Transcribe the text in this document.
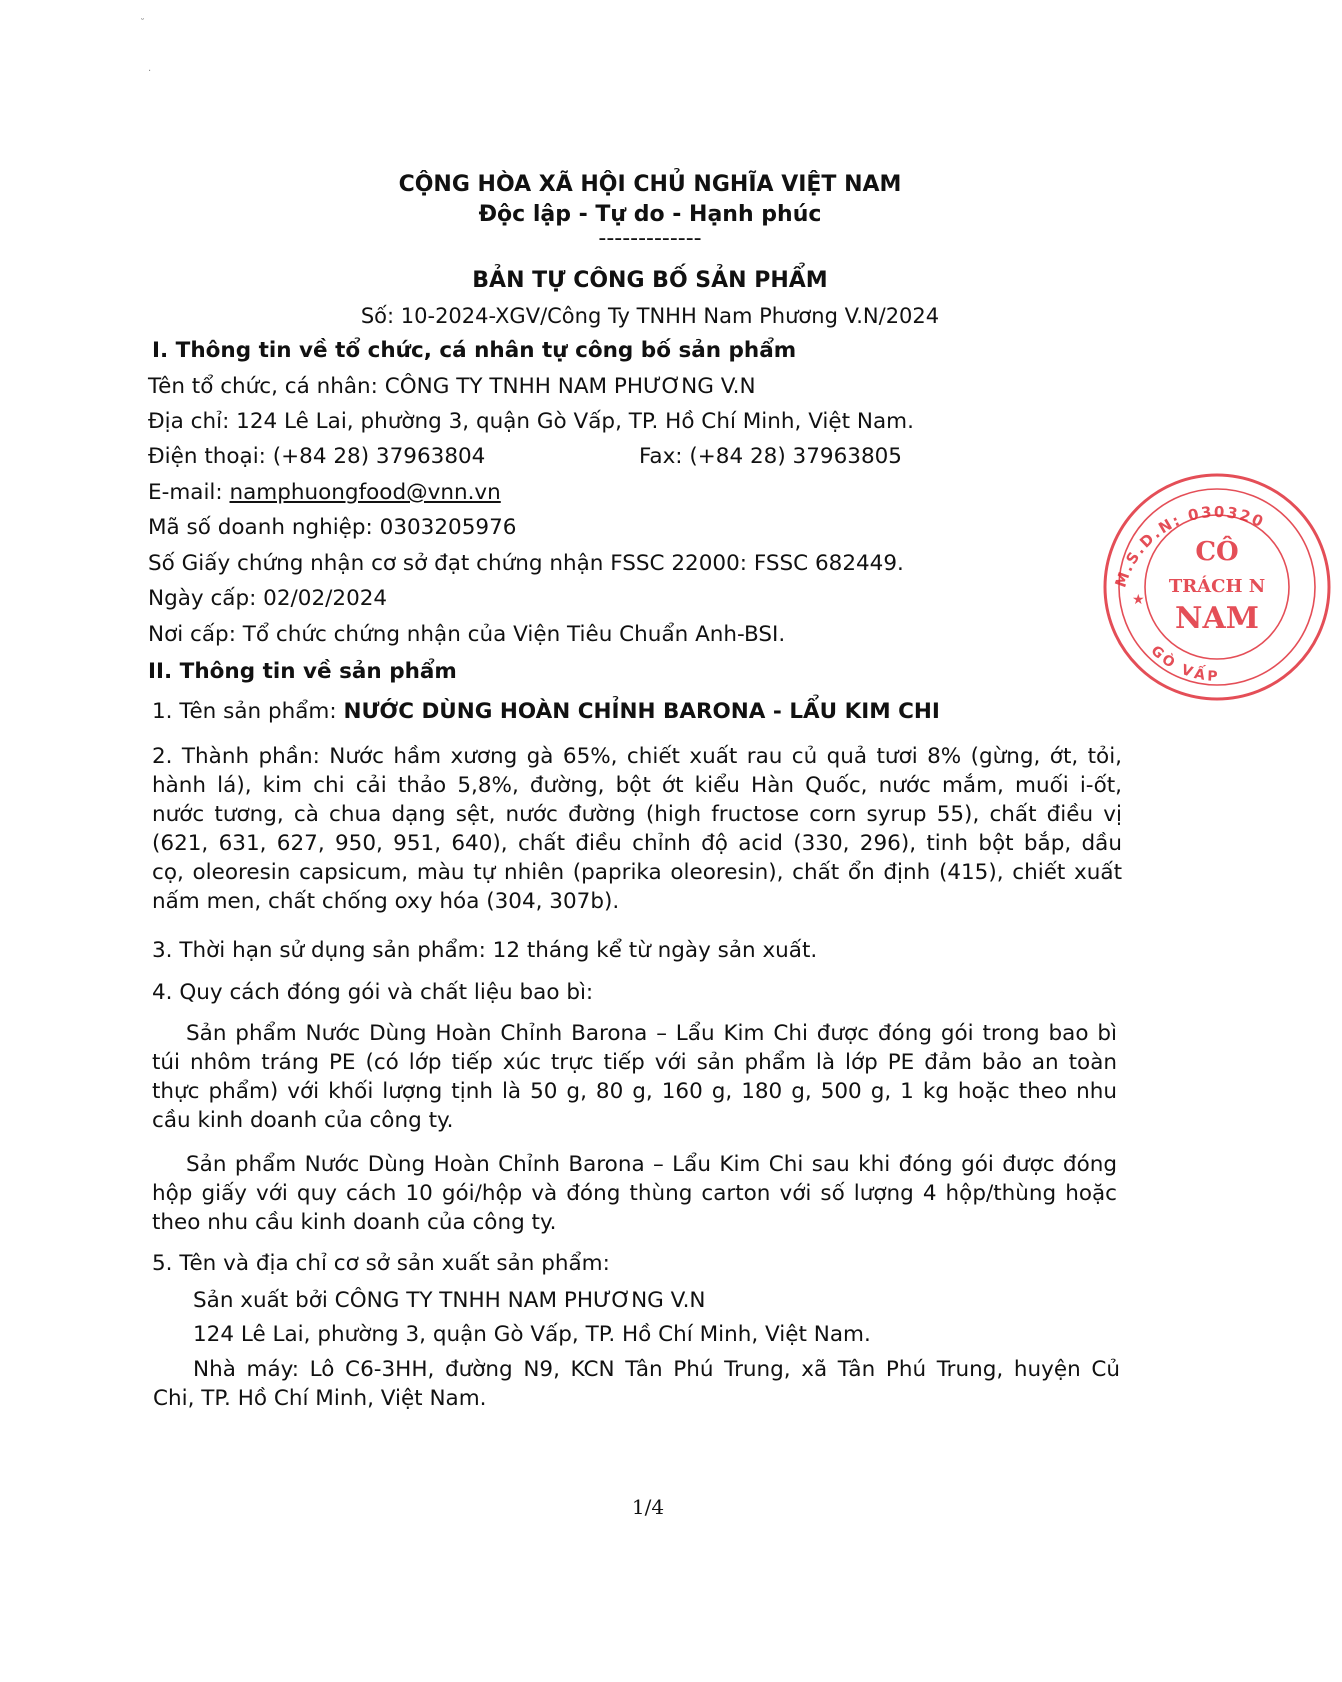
˘
·
CỘNG HÒA XÃ HỘI CHỦ NGHĨA VIỆT NAM
Độc lập - Tự do - Hạnh phúc
-------------
BẢN TỰ CÔNG BỐ SẢN PHẨM
Số: 10-2024-XGV/Công Ty TNHH Nam Phương V.N/2024
I. Thông tin về tổ chức, cá nhân tự công bố sản phẩm
Tên tổ chức, cá nhân: CÔNG TY TNHH NAM PHƯƠNG V.N
Địa chỉ: 124 Lê Lai, phường 3, quận Gò Vấp, TP. Hồ Chí Minh, Việt Nam.
Điện thoại: (+84 28) 37963804	Fax: (+84 28) 37963805
E-mail: namphuongfood@vnn.vn
Mã số doanh nghiệp: 0303205976
Số Giấy chứng nhận cơ sở đạt chứng nhận FSSC 22000: FSSC 682449.
Ngày cấp: 02/02/2024
Nơi cấp: Tổ chức chứng nhận của Viện Tiêu Chuẩn Anh-BSI.
II. Thông tin về sản phẩm
1. Tên sản phẩm: NƯỚC DÙNG HOÀN CHỈNH BARONA - LẨU KIM CHI
2. Thành phần: Nước hầm xương gà 65%, chiết xuất rau củ quả tươi 8% (gừng, ớt, tỏi,
hành lá), kim chi cải thảo 5,8%, đường, bột ớt kiểu Hàn Quốc, nước mắm, muối i-ốt,
nước tương, cà chua dạng sệt, nước đường (high fructose corn syrup 55), chất điều vị
(621, 631, 627, 950, 951, 640), chất điều chỉnh độ acid (330, 296), tinh bột bắp, dầu
cọ, oleoresin capsicum, màu tự nhiên (paprika oleoresin), chất ổn định (415), chiết xuất
nấm men, chất chống oxy hóa (304, 307b).
3. Thời hạn sử dụng sản phẩm: 12 tháng kể từ ngày sản xuất.
4. Quy cách đóng gói và chất liệu bao bì:
Sản phẩm Nước Dùng Hoàn Chỉnh Barona – Lẩu Kim Chi được đóng gói trong bao bì
túi nhôm tráng PE (có lớp tiếp xúc trực tiếp với sản phẩm là lớp PE đảm bảo an toàn
thực phẩm) với khối lượng tịnh là 50 g, 80 g, 160 g, 180 g, 500 g, 1 kg hoặc theo nhu
cầu kinh doanh của công ty.
Sản phẩm Nước Dùng Hoàn Chỉnh Barona – Lẩu Kim Chi sau khi đóng gói được đóng
hộp giấy với quy cách 10 gói/hộp và đóng thùng carton với số lượng 4 hộp/thùng hoặc
theo nhu cầu kinh doanh của công ty.
5. Tên và địa chỉ cơ sở sản xuất sản phẩm:
Sản xuất bởi CÔNG TY TNHH NAM PHƯƠNG V.N
124 Lê Lai, phường 3, quận Gò Vấp, TP. Hồ Chí Minh, Việt Nam.
Nhà máy: Lô C6-3HH, đường N9, KCN Tân Phú Trung, xã Tân Phú Trung, huyện Củ
Chi, TP. Hồ Chí Minh, Việt Nam.
1/4
M.S.D.N: 030320
GÒ VẤP
CÔ
TRÁCH N
NAM
★
